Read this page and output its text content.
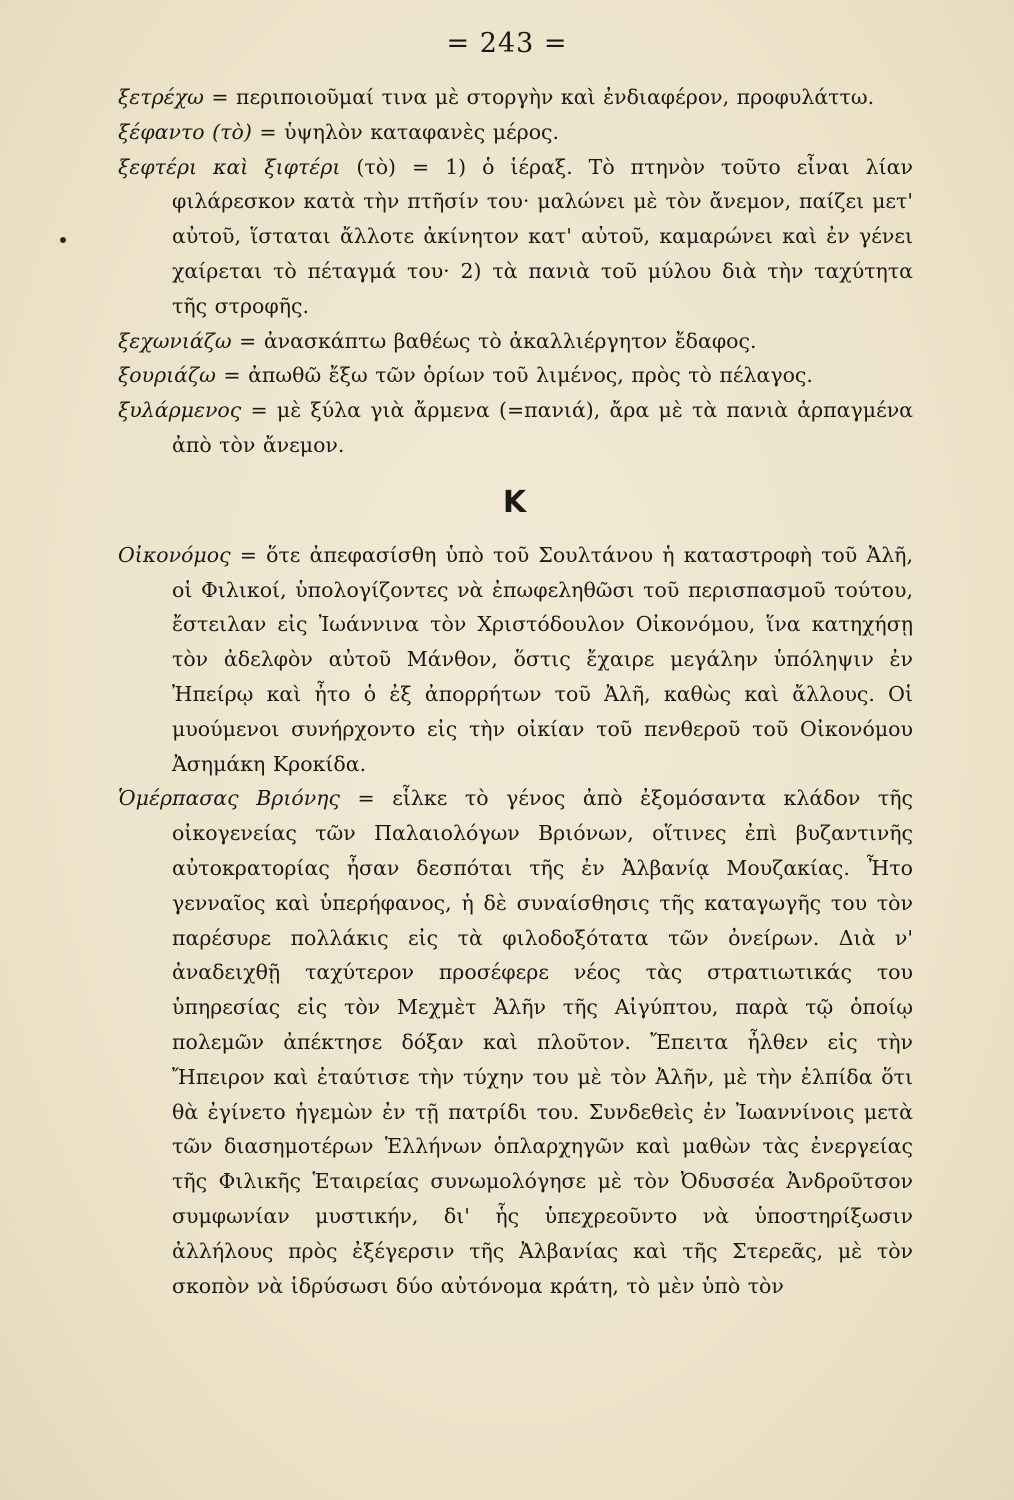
= 243 =

ξετρέχω = περιποιοῦμαί τινα μὲ στοργὴν καὶ ἐνδιαφέρον, προφυλάττω.

ξέφαντο (τὸ) = ὑψηλὸν καταφανὲς μέρος.

ξεφτέρι καὶ ξιφτέρι (τὸ) = 1) ὁ ἱέραξ. Τὸ πτηνὸν τοῦτο εἶναι λίαν φιλάρεσκον κατὰ τὴν πτῆσίν του· μαλώνει μὲ τὸν ἄνεμον, παίζει μετ' αὐτοῦ, ἵσταται ἄλλοτε ἀκίνητον κατ' αὐτοῦ, καμαρώνει καὶ ἐν γένει χαίρεται τὸ πέταγμά του· 2) τὰ πανιὰ τοῦ μύλου διὰ τὴν ταχύτητα τῆς στροφῆς.

ξεχωνιάζω = ἀνασκάπτω βαθέως τὸ ἀκαλλιέργητον ἔδαφος.

ξουριάζω = ἀπωθῶ ἔξω τῶν ὁρίων τοῦ λιμένος, πρὸς τὸ πέλαγος.

ξυλάρμενος = μὲ ξύλα γιὰ ἄρμενα (=πανιά), ἄρα μὲ τὰ πανιὰ ἁρπαγμένα ἀπὸ τὸν ἄνεμον.

Κ

Οἰκονόμος = ὅτε ἀπεφασίσθη ὑπὸ τοῦ Σουλτάνου ἡ καταστροφὴ τοῦ Ἀλῆ, οἱ Φιλικοί, ὑπολογίζοντες νὰ ἐπωφεληθῶσι τοῦ περισπασμοῦ τούτου, ἔστειλαν εἰς Ἰωάννινα τὸν Χριστόδουλον Οἰκονόμου, ἵνα κατηχήσῃ τὸν ἀδελφὸν αὐτοῦ Μάνθον, ὅστις ἔχαιρε μεγάλην ὑπόληψιν ἐν Ἠπείρῳ καὶ ἦτο ὁ ἐξ ἀπορρήτων τοῦ Ἀλῆ, καθὼς καὶ ἄλλους. Οἱ μυούμενοι συνήρχοντο εἰς τὴν οἰκίαν τοῦ πενθεροῦ τοῦ Οἰκονόμου Ἀσημάκη Κροκίδα.

Ὁμέρπασας Βριόνης = εἷλκε τὸ γένος ἀπὸ ἐξομόσαντα κλάδον τῆς οἰκογενείας τῶν Παλαιολόγων Βριόνων, οἵτινες ἐπὶ βυζαντινῆς αὐτοκρατορίας ἦσαν δεσπόται τῆς ἐν Ἀλβανίᾳ Μουζακίας. Ἦτο γενναῖος καὶ ὑπερήφανος, ἡ δὲ συναίσθησις τῆς καταγωγῆς του τὸν παρέσυρε πολλάκις εἰς τὰ φιλοδοξότατα τῶν ὀνείρων. Διὰ ν' ἀναδειχθῇ ταχύτερον προσέφερε νέος τὰς στρατιωτικάς του ὑπηρεσίας εἰς τὸν Μεχμὲτ Ἀλῆν τῆς Αἰγύπτου, παρὰ τῷ ὁποίῳ πολεμῶν ἀπέκτησε δόξαν καὶ πλοῦτον. Ἔπειτα ἦλθεν εἰς τὴν Ἤπειρον καὶ ἐταύτισε τὴν τύχην του μὲ τὸν Ἀλῆν, μὲ τὴν ἐλπίδα ὅτι θὰ ἐγίνετο ἡγεμὼν ἐν τῇ πατρίδι του. Συνδεθεὶς ἐν Ἰωαννίνοις μετὰ τῶν διασημοτέρων Ἑλλήνων ὁπλαρχηγῶν καὶ μαθὼν τὰς ἐνεργείας τῆς Φιλικῆς Ἑταιρείας συνωμολόγησε μὲ τὸν Ὀδυσσέα Ἀνδροῦτσον συμφωνίαν μυστικήν, δι' ἧς ὑπεχρεοῦντο νὰ ὑποστηρίξωσιν ἀλλήλους πρὸς ἐξέγερσιν τῆς Ἀλβανίας καὶ τῆς Στερεᾶς, μὲ τὸν σκοπὸν νὰ ἱδρύσωσι δύο αὐτόνομα κράτη, τὸ μὲν ὑπὸ τὸν
